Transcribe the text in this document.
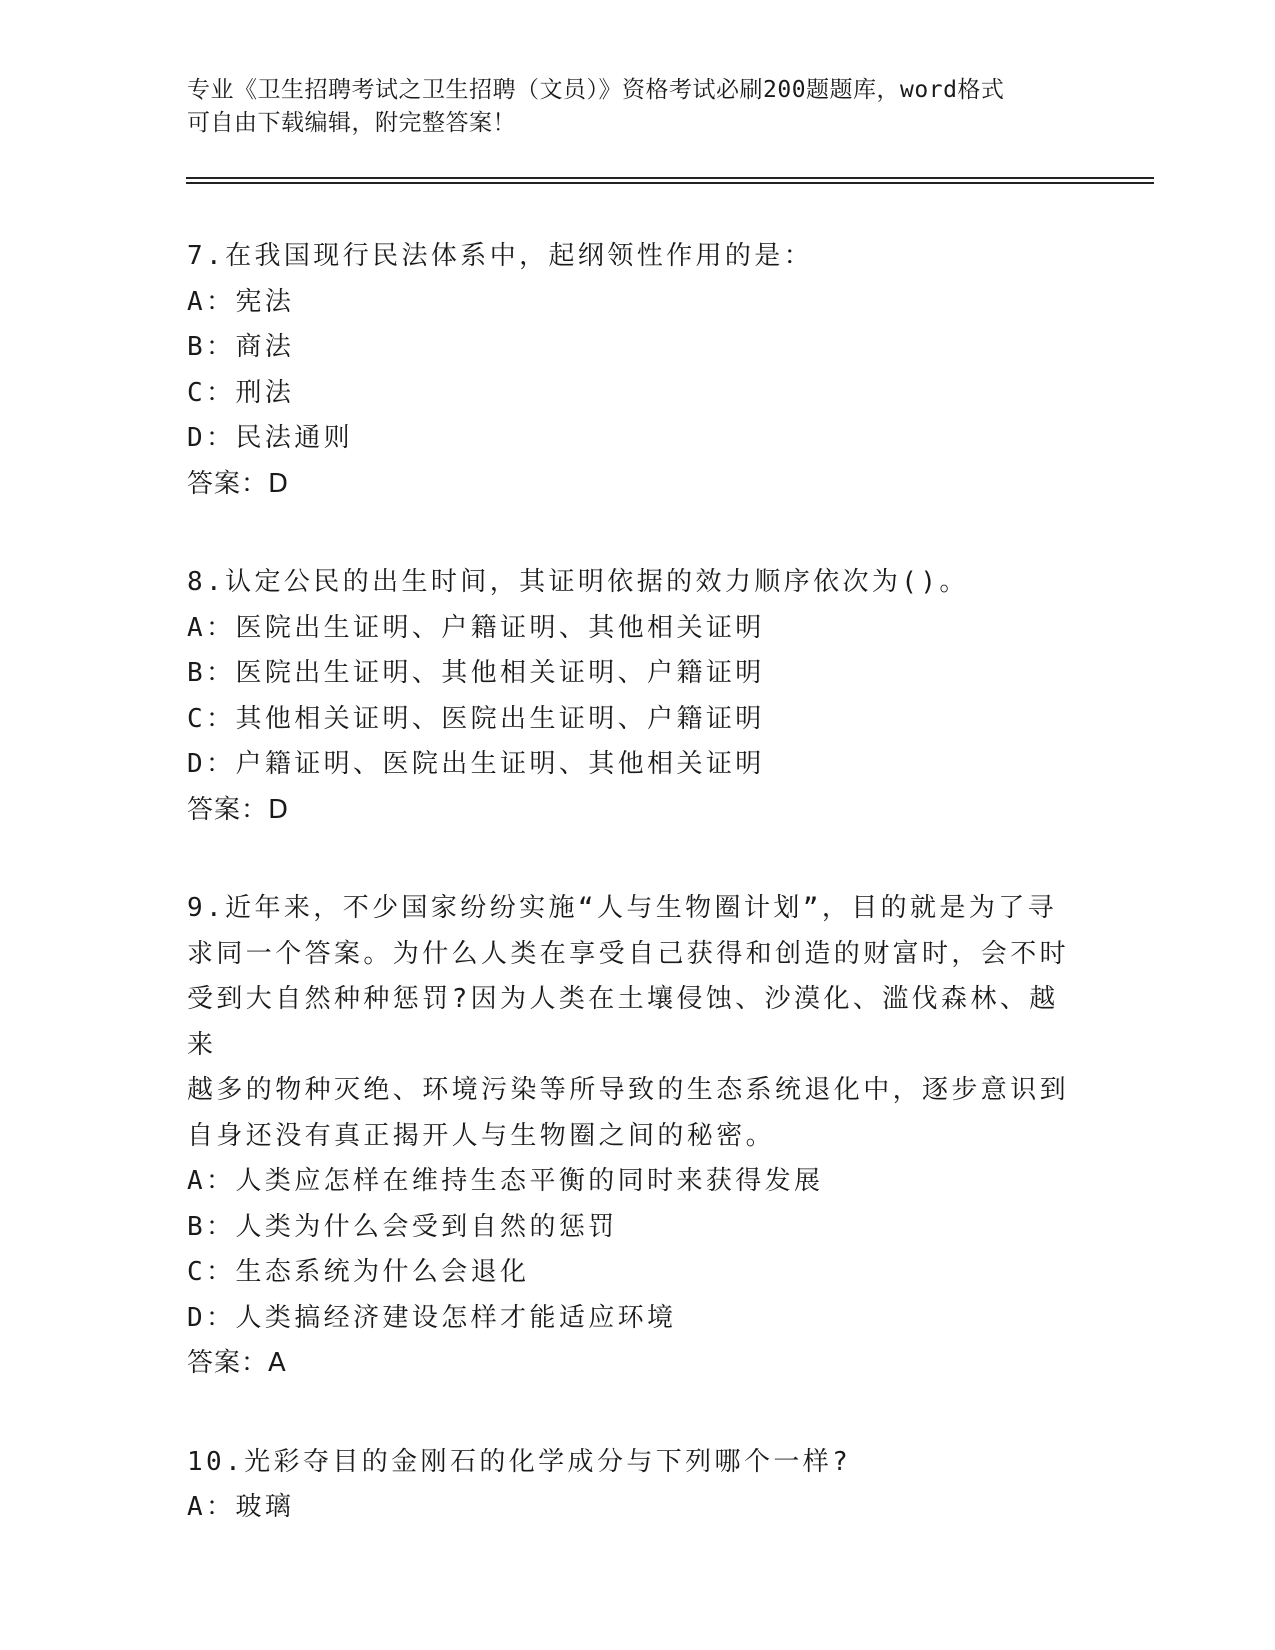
专业《卫生招聘考试之卫生招聘（文员）》资格考试必刷200题题库，word格式
可自由下载编辑，附完整答案！
7.在我国现行民法体系中，起纲领性作用的是：
A：宪法
B：商法
C：刑法
D：民法通则
答案：D
8.认定公民的出生时间，其证明依据的效力顺序依次为()。
A：医院出生证明、户籍证明、其他相关证明
B：医院出生证明、其他相关证明、户籍证明
C：其他相关证明、医院出生证明、户籍证明
D：户籍证明、医院出生证明、其他相关证明
答案：D
9.近年来，不少国家纷纷实施“人与生物圈计划”，目的就是为了寻
求同一个答案。为什么人类在享受自己获得和创造的财富时，会不时
受到大自然种种惩罚?因为人类在土壤侵蚀、沙漠化、滥伐森林、越来
越多的物种灭绝、环境污染等所导致的生态系统退化中，逐步意识到
自身还没有真正揭开人与生物圈之间的秘密。
A：人类应怎样在维持生态平衡的同时来获得发展
B：人类为什么会受到自然的惩罚
C：生态系统为什么会退化
D：人类搞经济建设怎样才能适应环境
答案：A
10.光彩夺目的金刚石的化学成分与下列哪个一样?
A：玻璃
